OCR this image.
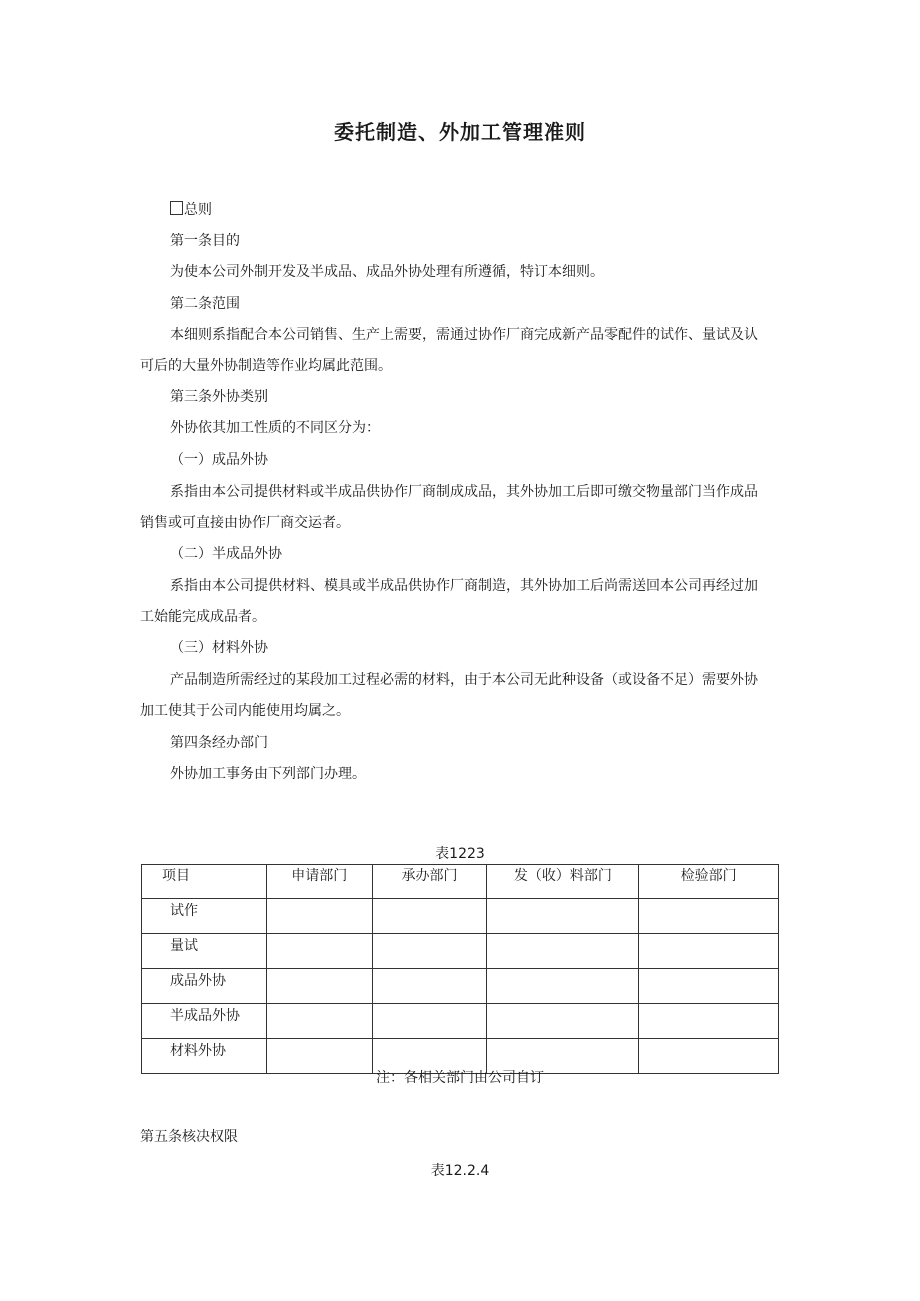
委托制造、外加工管理准则
总则
第一条目的
为使本公司外制开发及半成品、成品外协处理有所遵循，特订本细则。
第二条范围
本细则系指配合本公司销售、生产上需要，需通过协作厂商完成新产品零配件的试作、量试及认
可后的大量外协制造等作业均属此范围。
第三条外协类别
外协依其加工性质的不同区分为：
（一）成品外协
系指由本公司提供材料或半成品供协作厂商制成成品，其外协加工后即可缴交物量部门当作成品
销售或可直接由协作厂商交运者。
（二）半成品外协
系指由本公司提供材料、模具或半成品供协作厂商制造，其外协加工后尚需送回本公司再经过加
工始能完成成品者。
（三）材料外协
产品制造所需经过的某段加工过程必需的材料，由于本公司无此种设备（或设备不足）需要外协
加工使其于公司内能使用均属之。
第四条经办部门
外协加工事务由下列部门办理。
表1223
项目	申请部门	承办部门	发（收）料部门	检验部门
试作				
量试				
成品外协				
半成品外协				
材料外协				
注：各相关部门由公司自订
第五条核决权限
表12.2.4
